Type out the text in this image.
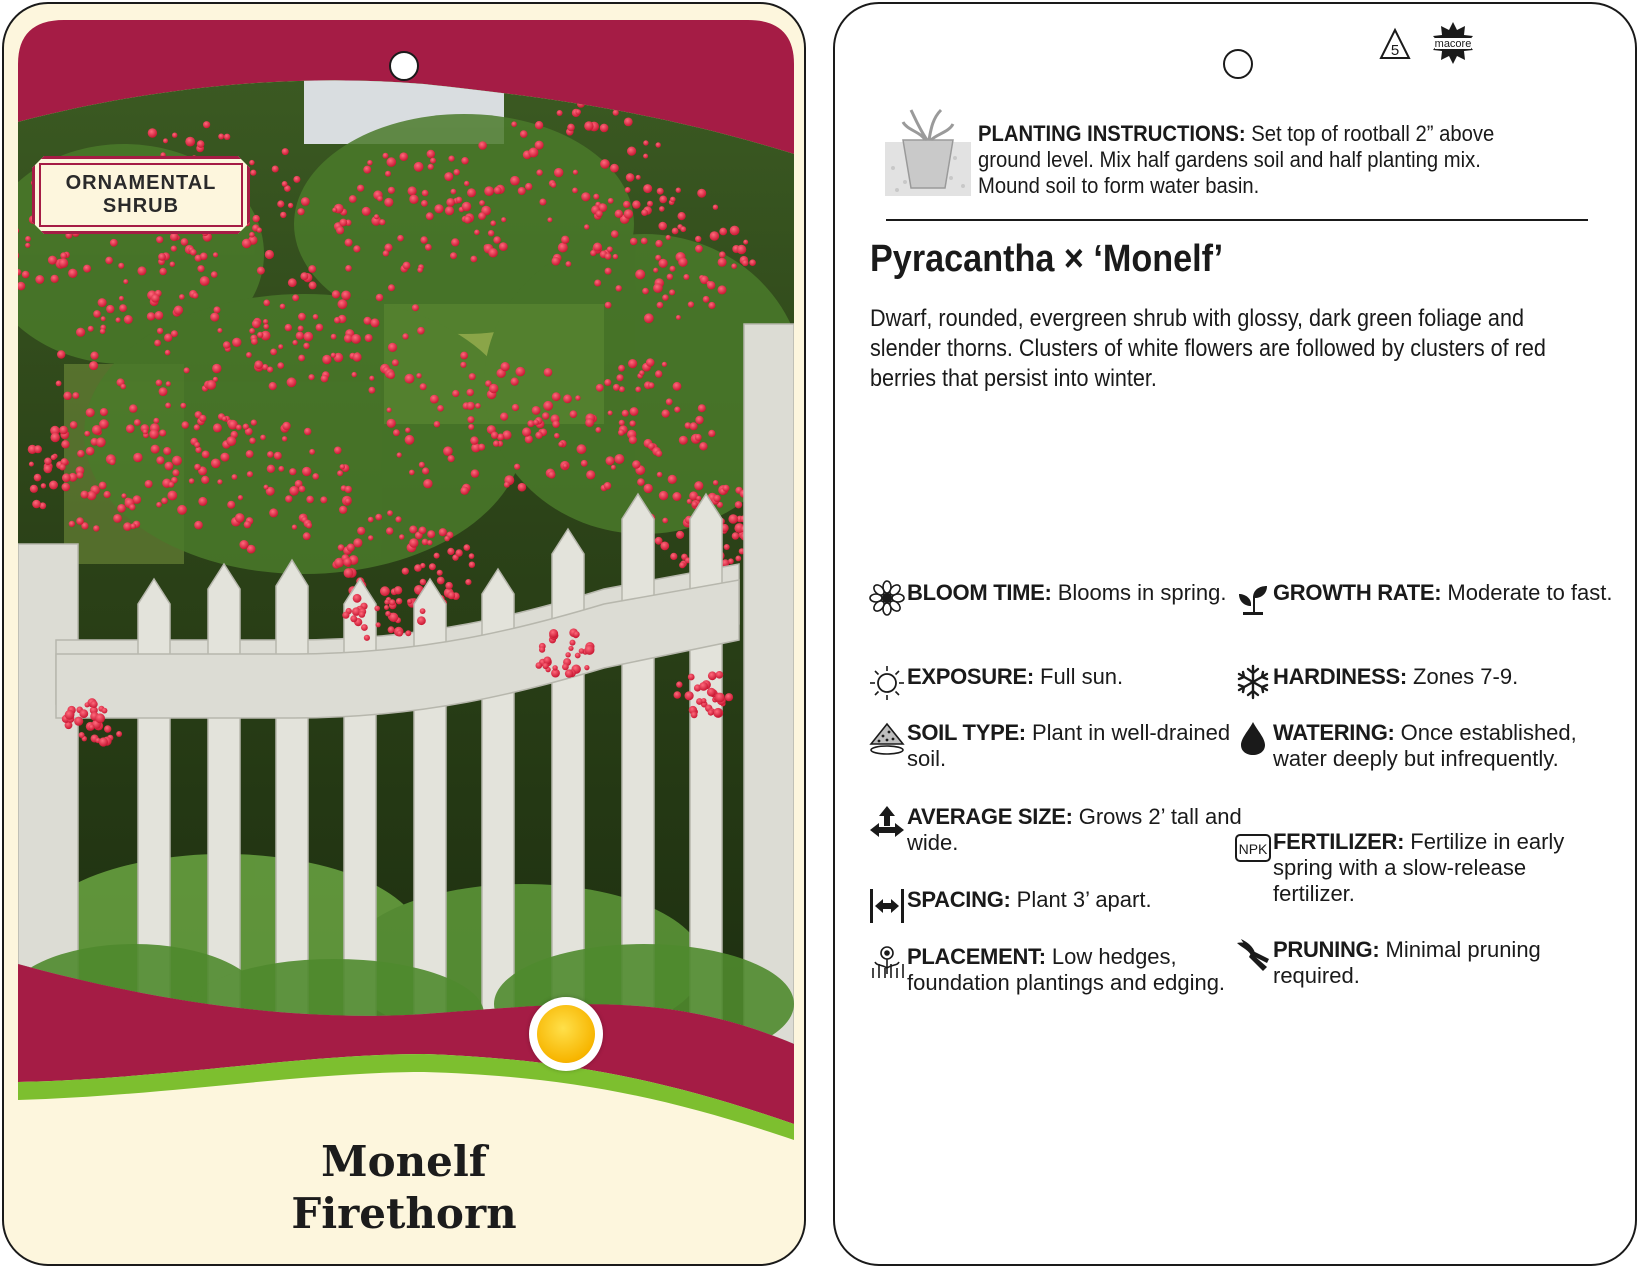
ORNAMENTAL
SHRUB
Monelf
Firethorn
5	macore
PLANTING INSTRUCTIONS: Set top of rootball 2” above ground level. Mix half gardens soil and half planting mix. Mound soil to form water basin.
Pyracantha × ‘Monelf’
Dwarf, rounded, evergreen shrub with glossy, dark green foliage and slender thorns. Clusters of white flowers are followed by clusters of red berries that persist into winter.
BLOOM TIME: Blooms in spring.
EXPOSURE: Full sun.
SOIL TYPE: Plant in well-drained soil.
AVERAGE SIZE: Grows 2’ tall and wide.
SPACING: Plant 3’ apart.
PLACEMENT: Low hedges, foundation plantings and edging.
GROWTH RATE: Moderate to fast.
HARDINESS: Zones 7-9.
WATERING: Once established, water deeply but infrequently.
NPK FERTILIZER: Fertilize in early spring with a slow-release fertilizer.
PRUNING: Minimal pruning required.
